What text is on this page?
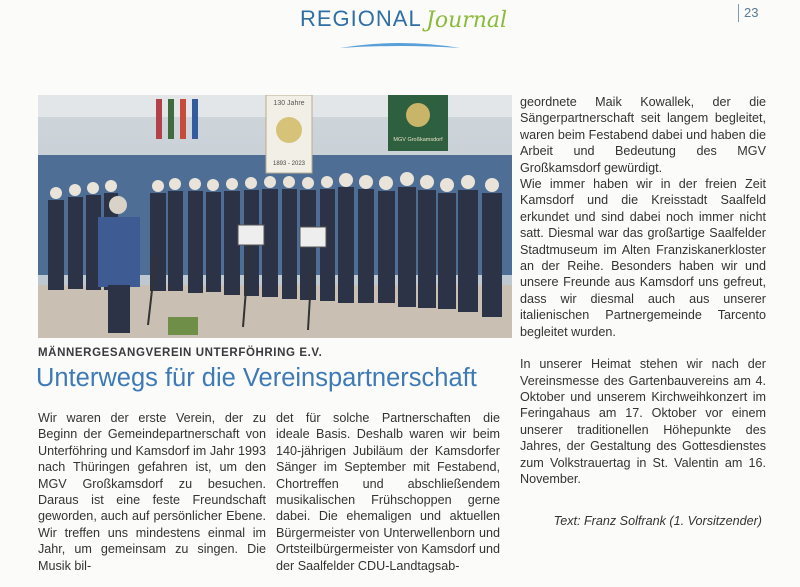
REGIONAL Journal	23
130 Jahre
1893 - 2023
MGV Großkamsdorf
MÄNNERGESANGVEREIN UNTERFÖHRING E.V.
Unterwegs für die Vereinspartnerschaft

Wir waren der erste Verein, der zu Beginn der Gemeindepartnerschaft von Unterföhring und Kamsdorf im Jahr 1993 nach Thüringen gefahren ist, um den MGV Großkamsdorf zu besuchen. Daraus ist eine feste Freundschaft geworden, auch auf persönlicher Ebene. Wir treffen uns mindestens einmal im Jahr, um gemeinsam zu singen. Die Musik bil-

det für solche Partnerschaften die ideale Basis. Deshalb waren wir beim 140-jährigen Jubiläum der Kamsdorfer Sänger im September mit Festabend, Chortreffen und abschließendem musikalischen Frühschoppen gerne dabei. Die ehemaligen und aktuellen Bürgermeister von Unterwellenborn und Ortsteilbürgermeister von Kamsdorf und der Saalfelder CDU-Landtagsab-

geordnete Maik Kowallek, der die Sängerpartnerschaft seit langem begleitet, waren beim Festabend dabei und haben die Arbeit und Bedeutung des MGV Großkamsdorf gewürdigt.

Wie immer haben wir in der freien Zeit Kamsdorf und die Kreisstadt Saalfeld erkundet und sind dabei noch immer nicht satt. Diesmal war das großartige Saalfelder Stadtmuseum im Alten Franziskanerkloster an der Reihe. Besonders haben wir und unsere Freunde aus Kamsdorf uns gefreut, dass wir diesmal auch aus unserer italienischen Partnergemeinde Tarcento begleitet wurden.

In unserer Heimat stehen wir nach der Vereinsmesse des Gartenbauvereins am 4. Oktober und unserem Kirchweihkonzert im Feringahaus am 17. Oktober vor einem unserer traditionellen Höhepunkte des Jahres, der Gestaltung des Gottesdienstes zum Volkstrauertag in St. Valentin am 16. November.

Text: Franz Solfrank (1. Vorsitzender)
